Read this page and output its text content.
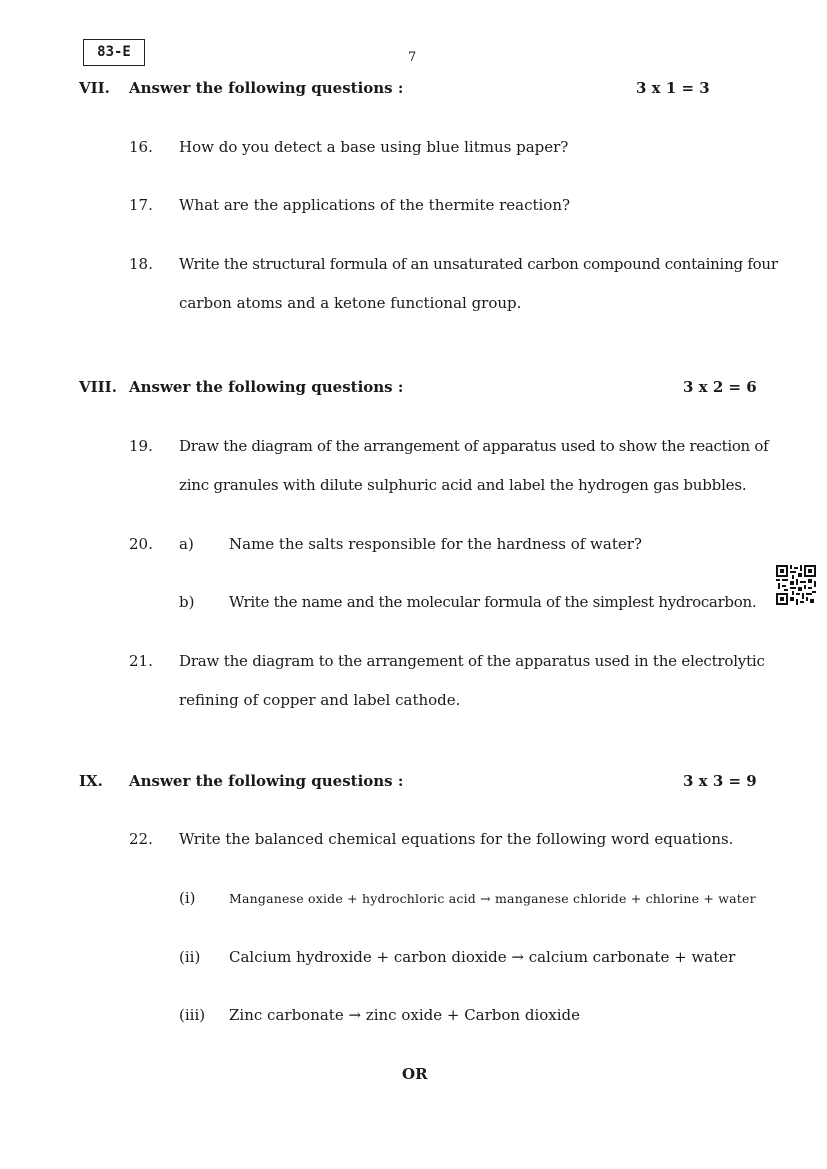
83-E	7
VII. Answer the following questions :	3 x 1 = 3
16. How do you detect a base using blue litmus paper?
17. What are the applications of the thermite reaction?
18. Write the structural formula of an unsaturated carbon compound containing four
carbon atoms and a ketone functional group.
VIII. Answer the following questions :	3 x 2 = 6
19. Draw the diagram of the arrangement of apparatus used to show the reaction of
zinc granules with dilute sulphuric acid and label the hydrogen gas bubbles.
20. a) Name the salts responsible for the hardness of water?
b) Write the name and the molecular formula of the simplest hydrocarbon.
21. Draw the diagram to the arrangement of the apparatus used in the electrolytic
refining of copper and label cathode.
IX. Answer the following questions :	3 x 3 = 9
22. Write the balanced chemical equations for the following word equations.
(i)	Manganese oxide + hydrochloric acid → manganese chloride + chlorine + water
(ii) Calcium hydroxide + carbon dioxide → calcium carbonate + water
(iii) Zinc carbonate → zinc oxide + Carbon dioxide
OR
